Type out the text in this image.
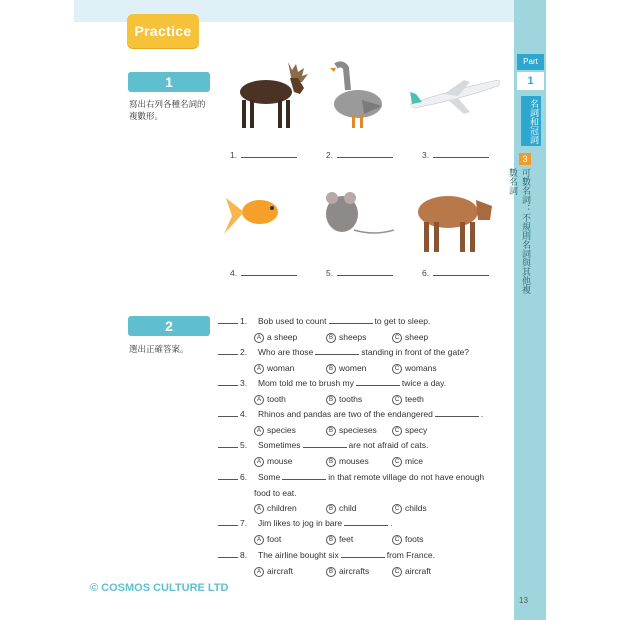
Practice
Part
1
名詞和冠詞
3
可數名詞：不規則名詞與其他複數名詞
1
寫出右列各種名詞的複數形。
1.	2.	3.
4.	5.	6.
2
選出正確答案。
1. Bob used to count	to get to sleep.
A a sheep	B sheeps	C sheep
2. Who are those	standing in front of the gate?
A woman	B women	C womans
3. Mom told me to brush my	twice a day.
A tooth	B tooths	C teeth
4. Rhinos and pandas are two of the endangered	.
A species	B specieses	C specy
5. Sometimes	are not afraid of cats.
A mouse	B mouses	C mice
6. Some	in that remote village do not have enough
food to eat.
A children	B child	C childs
7. Jim likes to jog in bare	.
A foot	B feet	C foots
8. The airline bought six	from France.
A aircraft	B aircrafts	C aircraft
© COSMOS CULTURE LTD
13
